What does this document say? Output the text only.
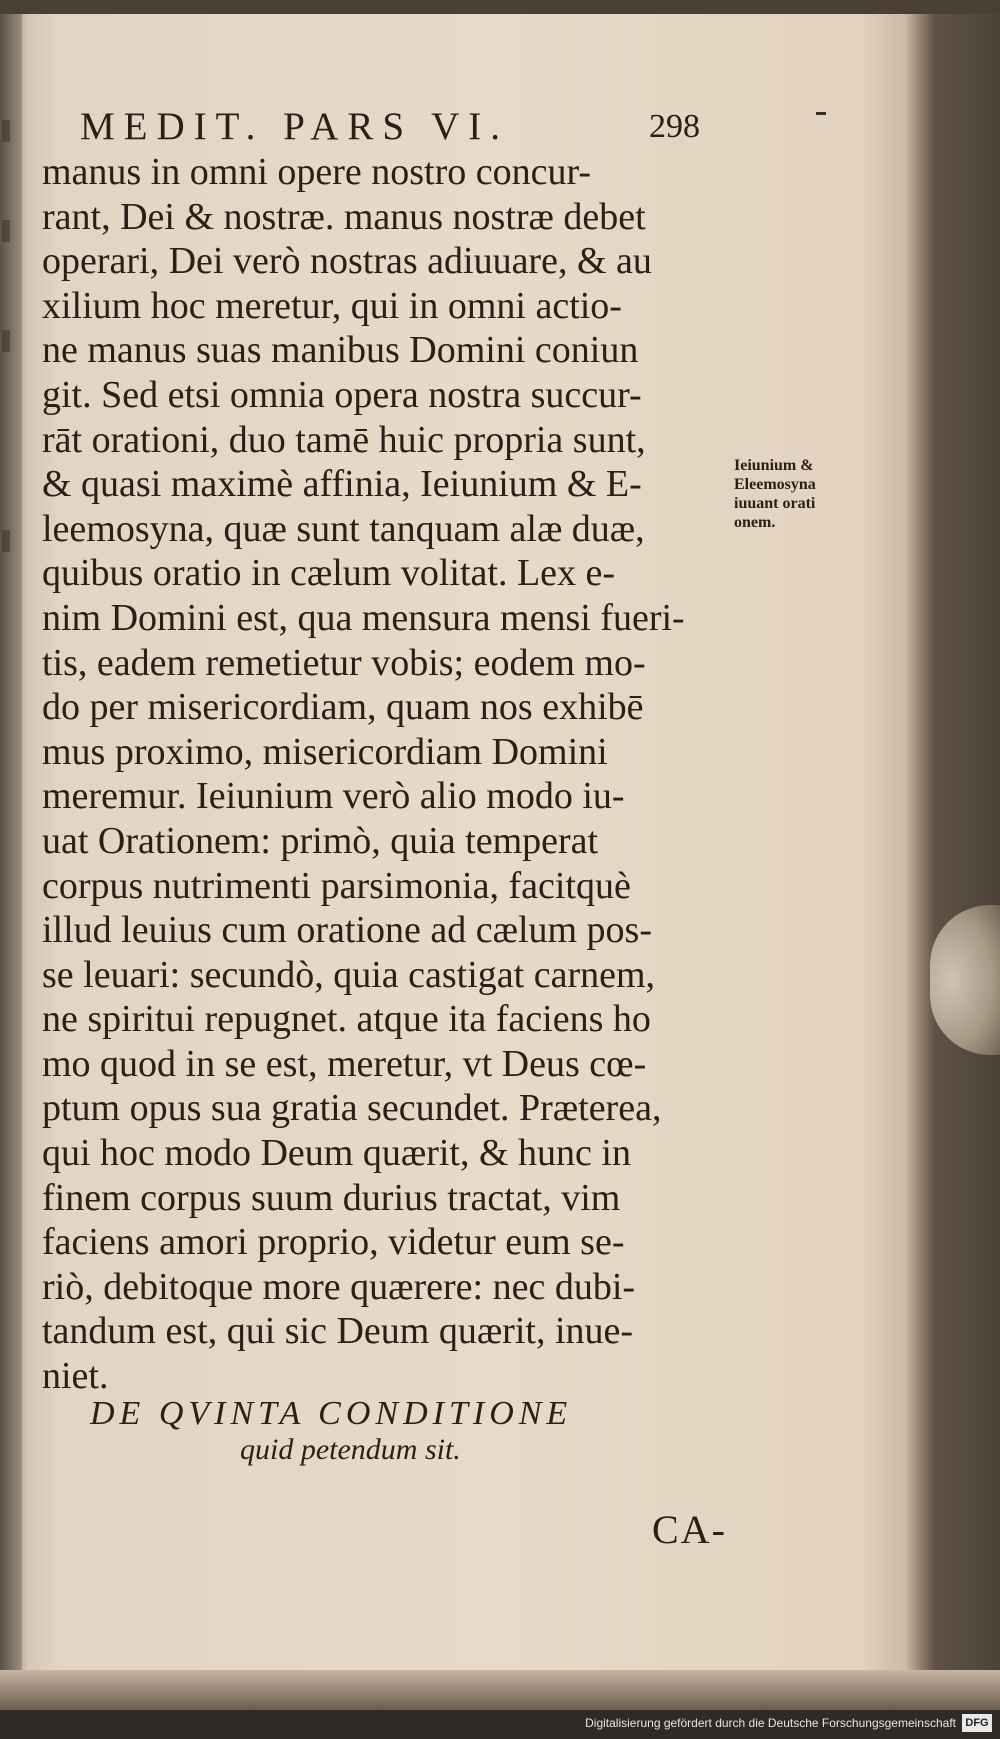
MEDIT. PARS VI.	298
manus in omni opere nostro concur-
rant, Dei & nostræ. manus nostræ debet
operari, Dei verò nostras adiuuare, & au
xilium hoc meretur, qui in omni actio-
ne manus suas manibus Domini coniun
git. Sed etsi omnia opera nostra succur-
rāt orationi, duo tamē huic propria sunt,
& quasi maximè affinia, Ieiunium & E-
leemosyna, quæ sunt tanquam alæ duæ,
quibus oratio in cælum volitat. Lex e-
nim Domini est, qua mensura mensi fueri-
tis, eadem remetietur vobis; eodem mo-
do per misericordiam, quam nos exhibē
mus proximo, misericordiam Domini
meremur. Ieiunium verò alio modo iu-
uat Orationem: primò, quia temperat
corpus nutrimenti parsimonia, facitquè
illud leuius cum oratione ad cælum pos-
se leuari: secundò, quia castigat carnem,
ne spiritui repugnet. atque ita faciens ho
mo quod in se est, meretur, vt Deus cœ-
ptum opus sua gratia secundet. Præterea,
qui hoc modo Deum quærit, & hunc in
finem corpus suum durius tractat, vim
faciens amori proprio, videtur eum se-
riò, debitoque more quærere: nec dubi-
tandum est, qui sic Deum quærit, inue-
niet.
Ieiunium &
Eleemosyna
iuuant orati
onem.
DE QVINTA CONDITIONE
quid petendum sit.
CA-
Digitalisierung gefördert durch die Deutsche Forschungsgemeinschaft DFG
